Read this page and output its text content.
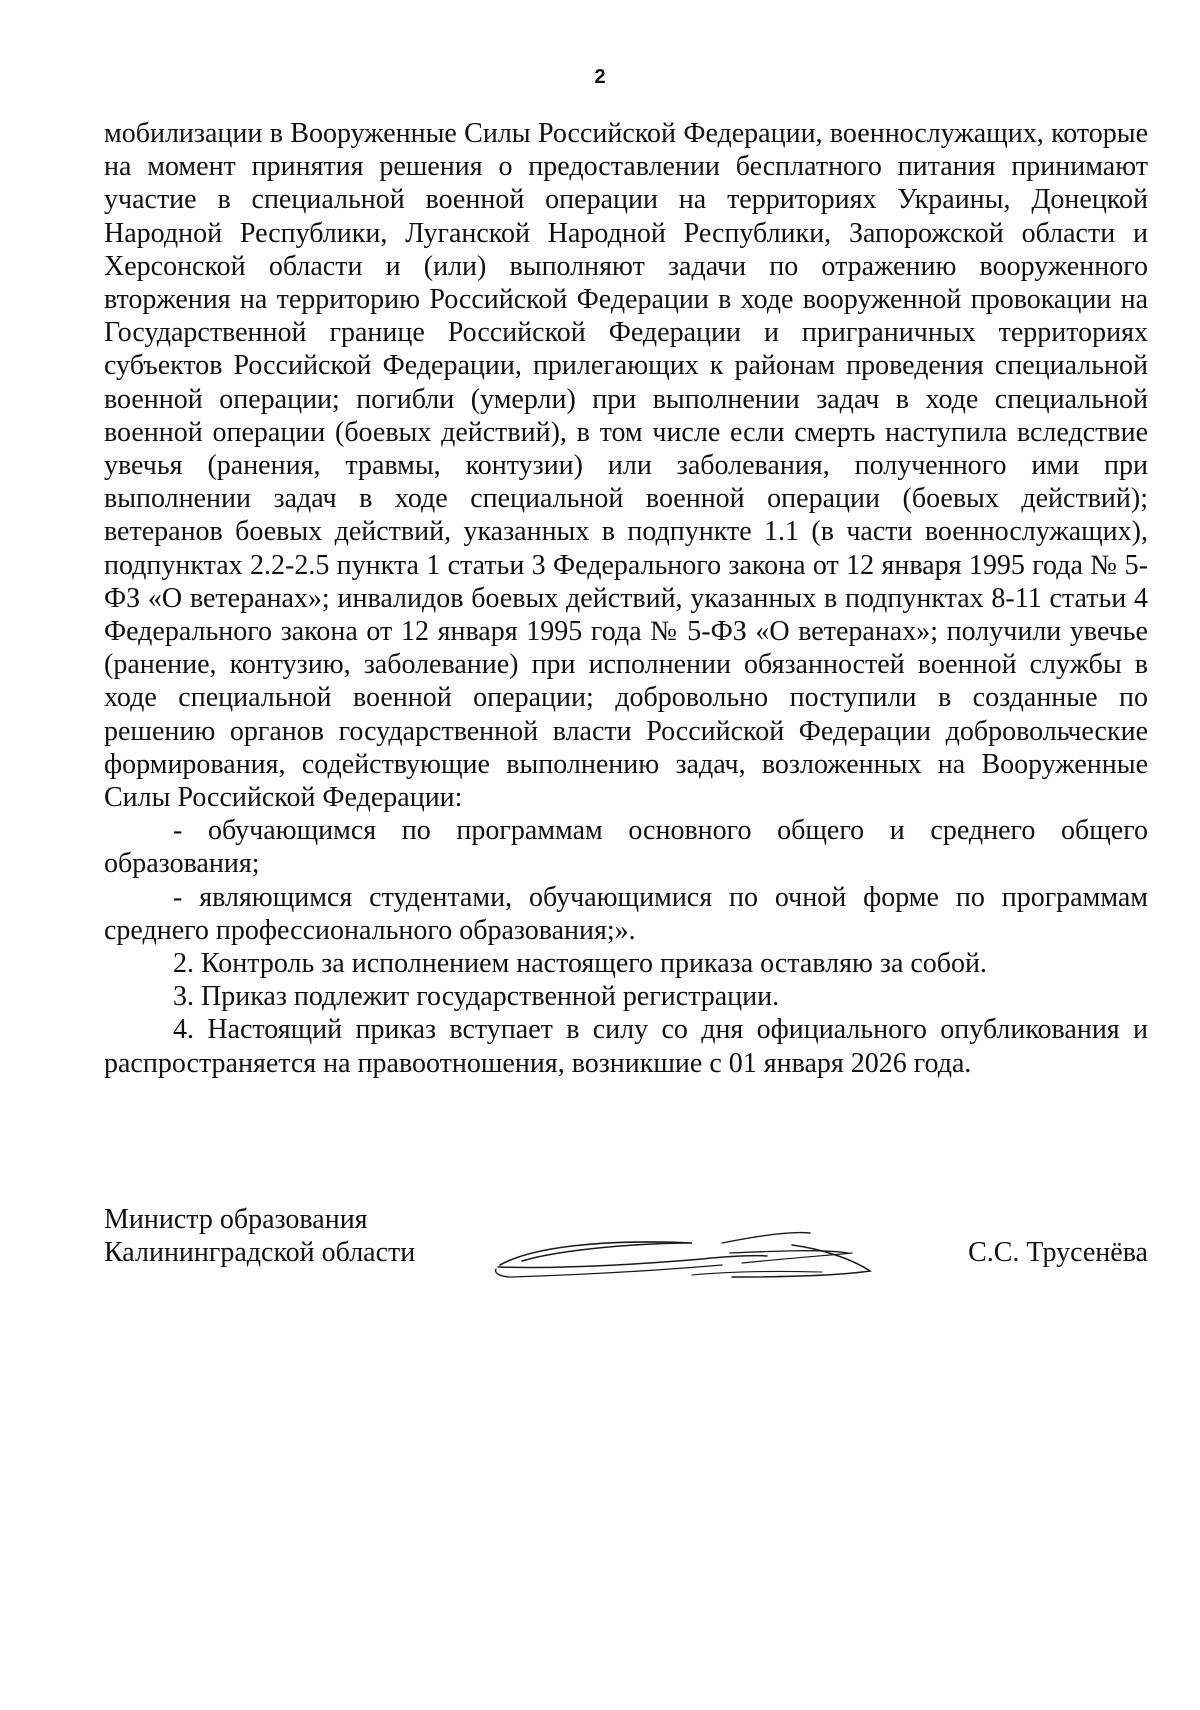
2

мобилизации в Вооруженные Силы Российской Федерации, военнослужащих, которые на момент принятия решения о предоставлении бесплатного питания принимают участие в специальной военной операции на территориях Украины, Донецкой Народной Республики, Луганской Народной Республики, Запорожской области и Херсонской области и (или) выполняют задачи по отражению вооруженного вторжения на территорию Российской Федерации в ходе вооруженной провокации на Государственной границе Российской Федерации и приграничных территориях субъектов Российской Федерации, прилегающих к районам проведения специальной военной операции; погибли (умерли) при выполнении задач в ходе специальной военной операции (боевых действий), в том числе если смерть наступила вследствие увечья (ранения, травмы, контузии) или заболевания, полученного ими при выполнении задач в ходе специальной военной операции (боевых действий); ветеранов боевых действий, указанных в подпункте 1.1 (в части военнослужащих), подпунктах 2.2-2.5 пункта 1 статьи 3 Федерального закона от 12 января 1995 года № 5-ФЗ «О ветеранах»; инвалидов боевых действий, указанных в подпунктах 8-11 статьи 4 Федерального закона от 12 января 1995 года № 5-ФЗ «О ветеранах»; получили увечье (ранение, контузию, заболевание) при исполнении обязанностей военной службы в ходе специальной военной операции; добровольно поступили в созданные по решению органов государственной власти Российской Федерации добровольческие формирования, содействующие выполнению задач, возложенных на Вооруженные Силы Российской Федерации:

- обучающимся по программам основного общего и среднего общего образования;

- являющимся студентами, обучающимися по очной форме по программам среднего профессионального образования;».

2. Контроль за исполнением настоящего приказа оставляю за собой.

3. Приказ подлежит государственной регистрации.

4. Настоящий приказ вступает в силу со дня официального опубликования и распространяется на правоотношения, возникшие с 01 января 2026 года.

Министр образования
Калининградской области	С.С. Трусенёва
